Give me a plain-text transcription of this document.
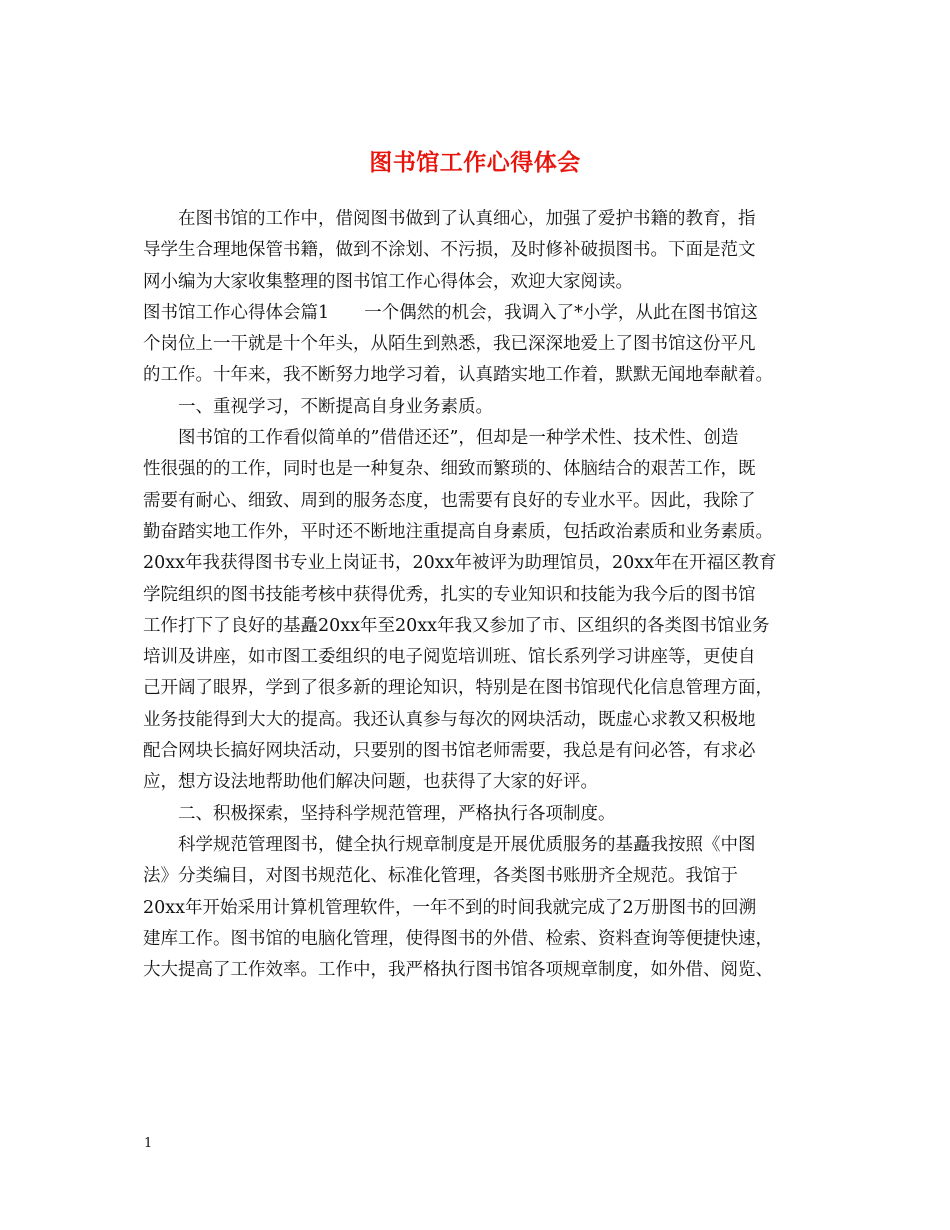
图书馆工作心得体会

在图书馆的工作中，借阅图书做到了认真细心，加强了爱护书籍的教育，指

导学生合理地保管书籍，做到不涂划、不污损，及时修补破损图书。下面是范文

网小编为大家收集整理的图书馆工作心得体会，欢迎大家阅读。

图书馆工作心得体会篇1　　一个偶然的机会，我调入了*小学，从此在图书馆这

个岗位上一干就是十个年头，从陌生到熟悉，我已深深地爱上了图书馆这份平凡

的工作。十年来，我不断努力地学习着，认真踏实地工作着，默默无闻地奉献着。

一、重视学习，不断提高自身业务素质。

图书馆的工作看似简单的”借借还还”，但却是一种学术性、技术性、创造

性很强的的工作，同时也是一种复杂、细致而繁琐的、体脑结合的艰苦工作，既

需要有耐心、细致、周到的服务态度，也需要有良好的专业水平。因此，我除了

勤奋踏实地工作外，平时还不断地注重提高自身素质，包括政治素质和业务素质。

20xx年我获得图书专业上岗证书，20xx年被评为助理馆员，20xx年在开福区教育

学院组织的图书技能考核中获得优秀，扎实的专业知识和技能为我今后的图书馆

工作打下了良好的基矗20xx年至20xx年我又参加了市、区组织的各类图书馆业务

培训及讲座，如市图工委组织的电子阅览培训班、馆长系列学习讲座等，更使自

己开阔了眼界，学到了很多新的理论知识，特别是在图书馆现代化信息管理方面，

业务技能得到大大的提高。我还认真参与每次的网块活动，既虚心求教又积极地

配合网块长搞好网块活动，只要别的图书馆老师需要，我总是有问必答，有求必

应，想方设法地帮助他们解决问题，也获得了大家的好评。

二、积极探索，坚持科学规范管理，严格执行各项制度。

科学规范管理图书，健全执行规章制度是开展优质服务的基矗我按照《中图

法》分类编目，对图书规范化、标准化管理，各类图书账册齐全规范。我馆于

20xx年开始采用计算机管理软件，一年不到的时间我就完成了2万册图书的回溯

建库工作。图书馆的电脑化管理，使得图书的外借、检索、资料查询等便捷快速，

大大提高了工作效率。工作中，我严格执行图书馆各项规章制度，如外借、阅览、

1
